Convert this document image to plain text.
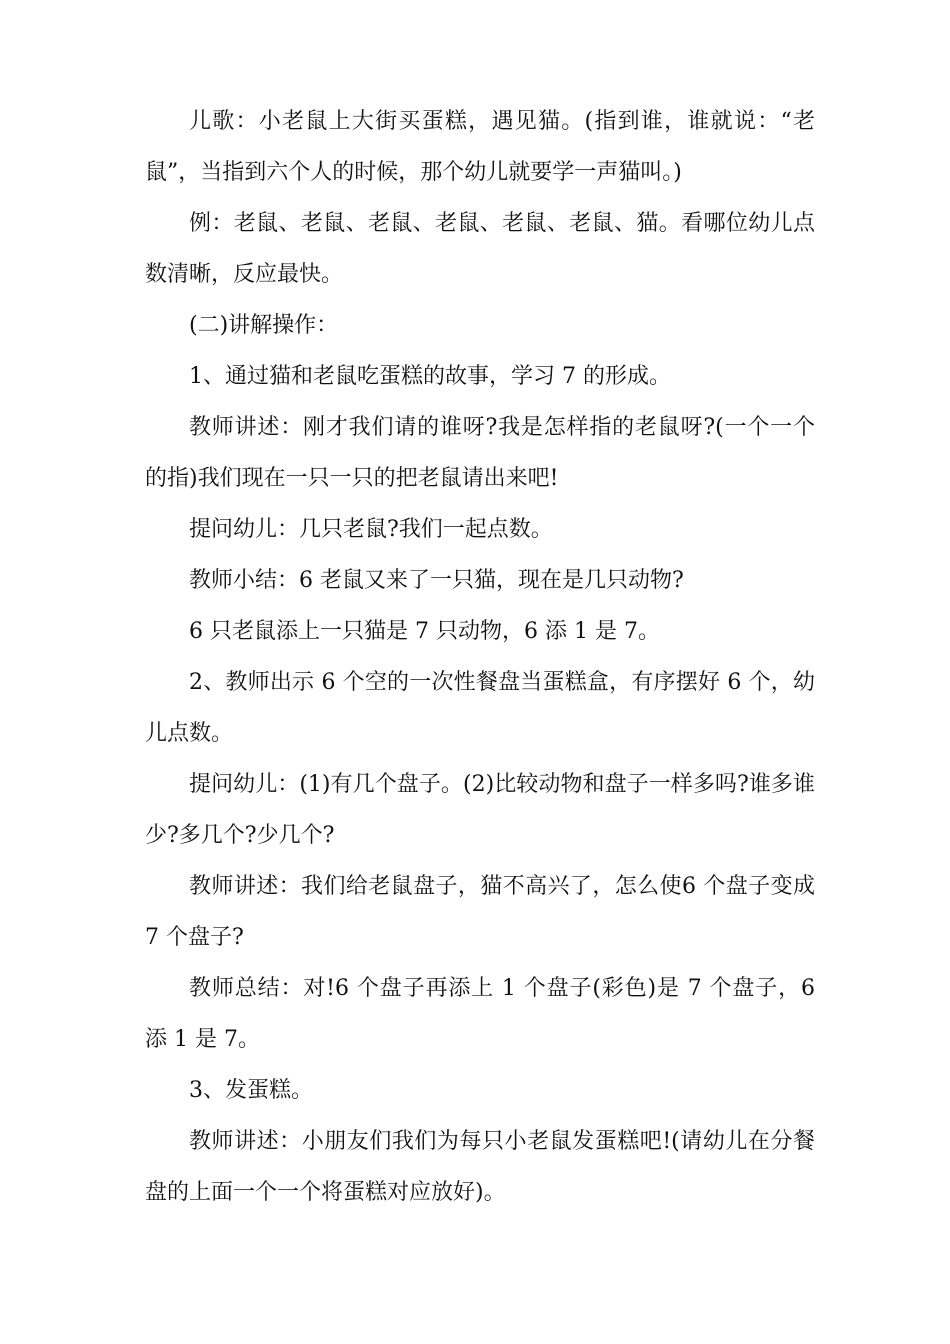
儿歌：小老鼠上大街买蛋糕，遇见猫。(指到谁，谁就说：“老鼠”，当指到六个人的时候，那个幼儿就要学一声猫叫。)

例：老鼠、老鼠、老鼠、老鼠、老鼠、老鼠、猫。看哪位幼儿点数清晰，反应最快。

(二)讲解操作：

1、通过猫和老鼠吃蛋糕的故事，学习 7 的形成。

教师讲述：刚才我们请的谁呀?我是怎样指的老鼠呀?(一个一个的指)我们现在一只一只的把老鼠请出来吧!

提问幼儿：几只老鼠?我们一起点数。

教师小结：6 老鼠又来了一只猫，现在是几只动物?

6 只老鼠添上一只猫是 7 只动物，6 添 1 是 7。

2、教师出示 6 个空的一次性餐盘当蛋糕盒，有序摆好 6 个，幼儿点数。

提问幼儿：(1)有几个盘子。(2)比较动物和盘子一样多吗?谁多谁少?多几个?少几个?

教师讲述：我们给老鼠盘子，猫不高兴了，怎么使6 个盘子变成 7 个盘子?

教师总结：对!6 个盘子再添上 1 个盘子(彩色)是 7 个盘子，6 添 1 是 7。

3、发蛋糕。

教师讲述：小朋友们我们为每只小老鼠发蛋糕吧!(请幼儿在分餐盘的上面一个一个将蛋糕对应放好)。
